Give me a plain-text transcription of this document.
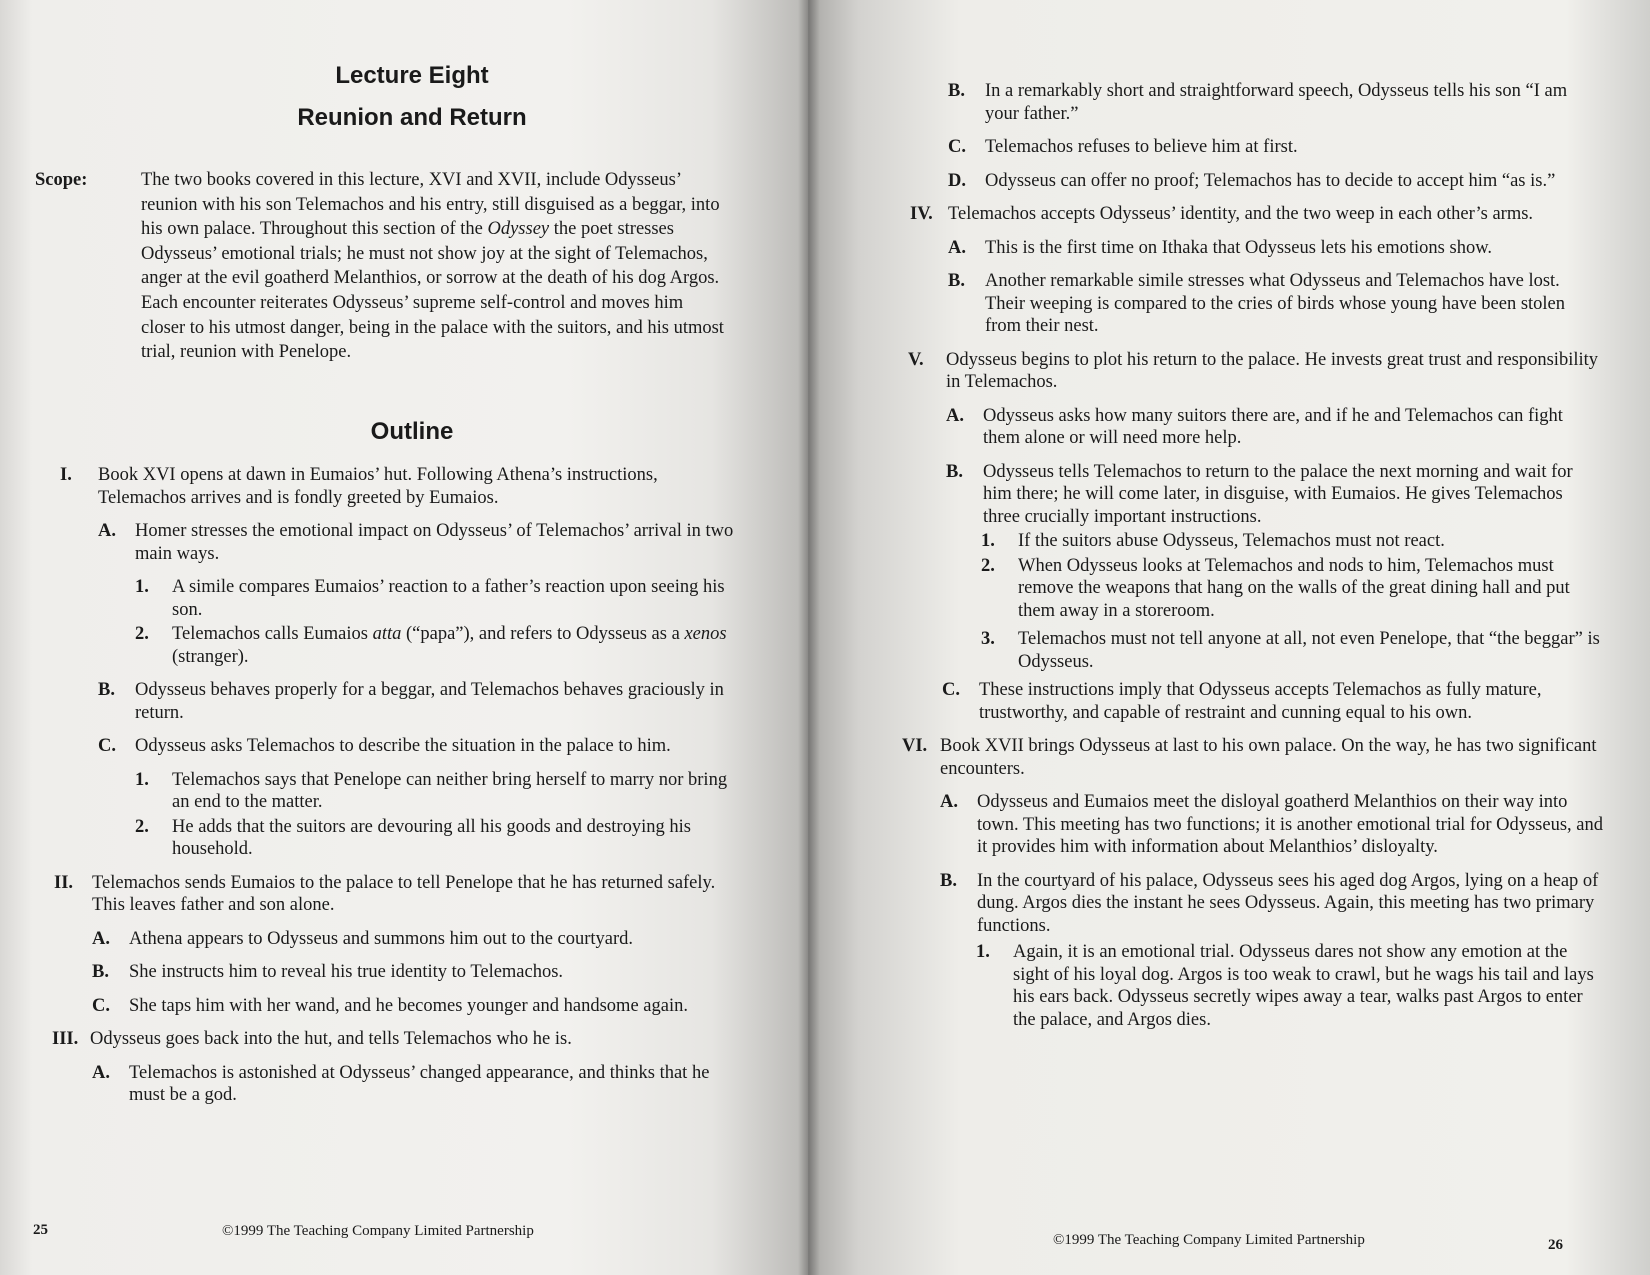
Lecture Eight
Reunion and Return
Scope:	The two books covered in this lecture, XVI and XVII, include Odysseus’ reunion with his son Telemachos and his entry, still disguised as a beggar, into his own palace. Throughout this section of the Odyssey the poet stresses Odysseus’ emotional trials; he must not show joy at the sight of Telemachos, anger at the evil goatherd Melanthios, or sorrow at the death of his dog Argos. Each encounter reiterates Odysseus’ supreme self-control and moves him closer to his utmost danger, being in the palace with the suitors, and his utmost trial, reunion with Penelope.
Outline
I.	Book XVI opens at dawn in Eumaios’ hut. Following Athena’s instructions, Telemachos arrives and is fondly greeted by Eumaios.
A.	Homer stresses the emotional impact on Odysseus’ of Telemachos’ arrival in two main ways.
1.	A simile compares Eumaios’ reaction to a father’s reaction upon seeing his son.
2.	Telemachos calls Eumaios atta (“papa”), and refers to Odysseus as a xenos (stranger).
B.	Odysseus behaves properly for a beggar, and Telemachos behaves graciously in return.
C.	Odysseus asks Telemachos to describe the situation in the palace to him.
1.	Telemachos says that Penelope can neither bring herself to marry nor bring an end to the matter.
2.	He adds that the suitors are devouring all his goods and destroying his household.
II.	Telemachos sends Eumaios to the palace to tell Penelope that he has returned safely. This leaves father and son alone.
A.	Athena appears to Odysseus and summons him out to the courtyard.
B.	She instructs him to reveal his true identity to Telemachos.
C.	She taps him with her wand, and he becomes younger and handsome again.
III. Odysseus goes back into the hut, and tells Telemachos who he is.
A.	Telemachos is astonished at Odysseus’ changed appearance, and thinks that he must be a god.
25	©1999 The Teaching Company Limited Partnership
B.	In a remarkably short and straightforward speech, Odysseus tells his son “I am your father.”
C.	Telemachos refuses to believe him at first.
D.	Odysseus can offer no proof; Telemachos has to decide to accept him “as is.”
IV. Telemachos accepts Odysseus’ identity, and the two weep in each other’s arms.
A.	This is the first time on Ithaka that Odysseus lets his emotions show.
B.	Another remarkable simile stresses what Odysseus and Telemachos have lost. Their weeping is compared to the cries of birds whose young have been stolen from their nest.
V.	Odysseus begins to plot his return to the palace. He invests great trust and responsibility in Telemachos.
A.	Odysseus asks how many suitors there are, and if he and Telemachos can fight them alone or will need more help.
B.	Odysseus tells Telemachos to return to the palace the next morning and wait for him there; he will come later, in disguise, with Eumaios. He gives Telemachos three crucially important instructions.
1.	If the suitors abuse Odysseus, Telemachos must not react.
2.	When Odysseus looks at Telemachos and nods to him, Telemachos must remove the weapons that hang on the walls of the great dining hall and put them away in a storeroom.
3.	Telemachos must not tell anyone at all, not even Penelope, that “the beggar” is Odysseus.
C.	These instructions imply that Odysseus accepts Telemachos as fully mature, trustworthy, and capable of restraint and cunning equal to his own.
VI. Book XVII brings Odysseus at last to his own palace. On the way, he has two significant encounters.
A.	Odysseus and Eumaios meet the disloyal goatherd Melanthios on their way into town. This meeting has two functions; it is another emotional trial for Odysseus, and it provides him with information about Melanthios’ disloyalty.
B.	In the courtyard of his palace, Odysseus sees his aged dog Argos, lying on a heap of dung. Argos dies the instant he sees Odysseus. Again, this meeting has two primary functions.
1.	Again, it is an emotional trial. Odysseus dares not show any emotion at the sight of his loyal dog. Argos is too weak to crawl, but he wags his tail and lays his ears back. Odysseus secretly wipes away a tear, walks past Argos to enter the palace, and Argos dies.
©1999 The Teaching Company Limited Partnership	26
